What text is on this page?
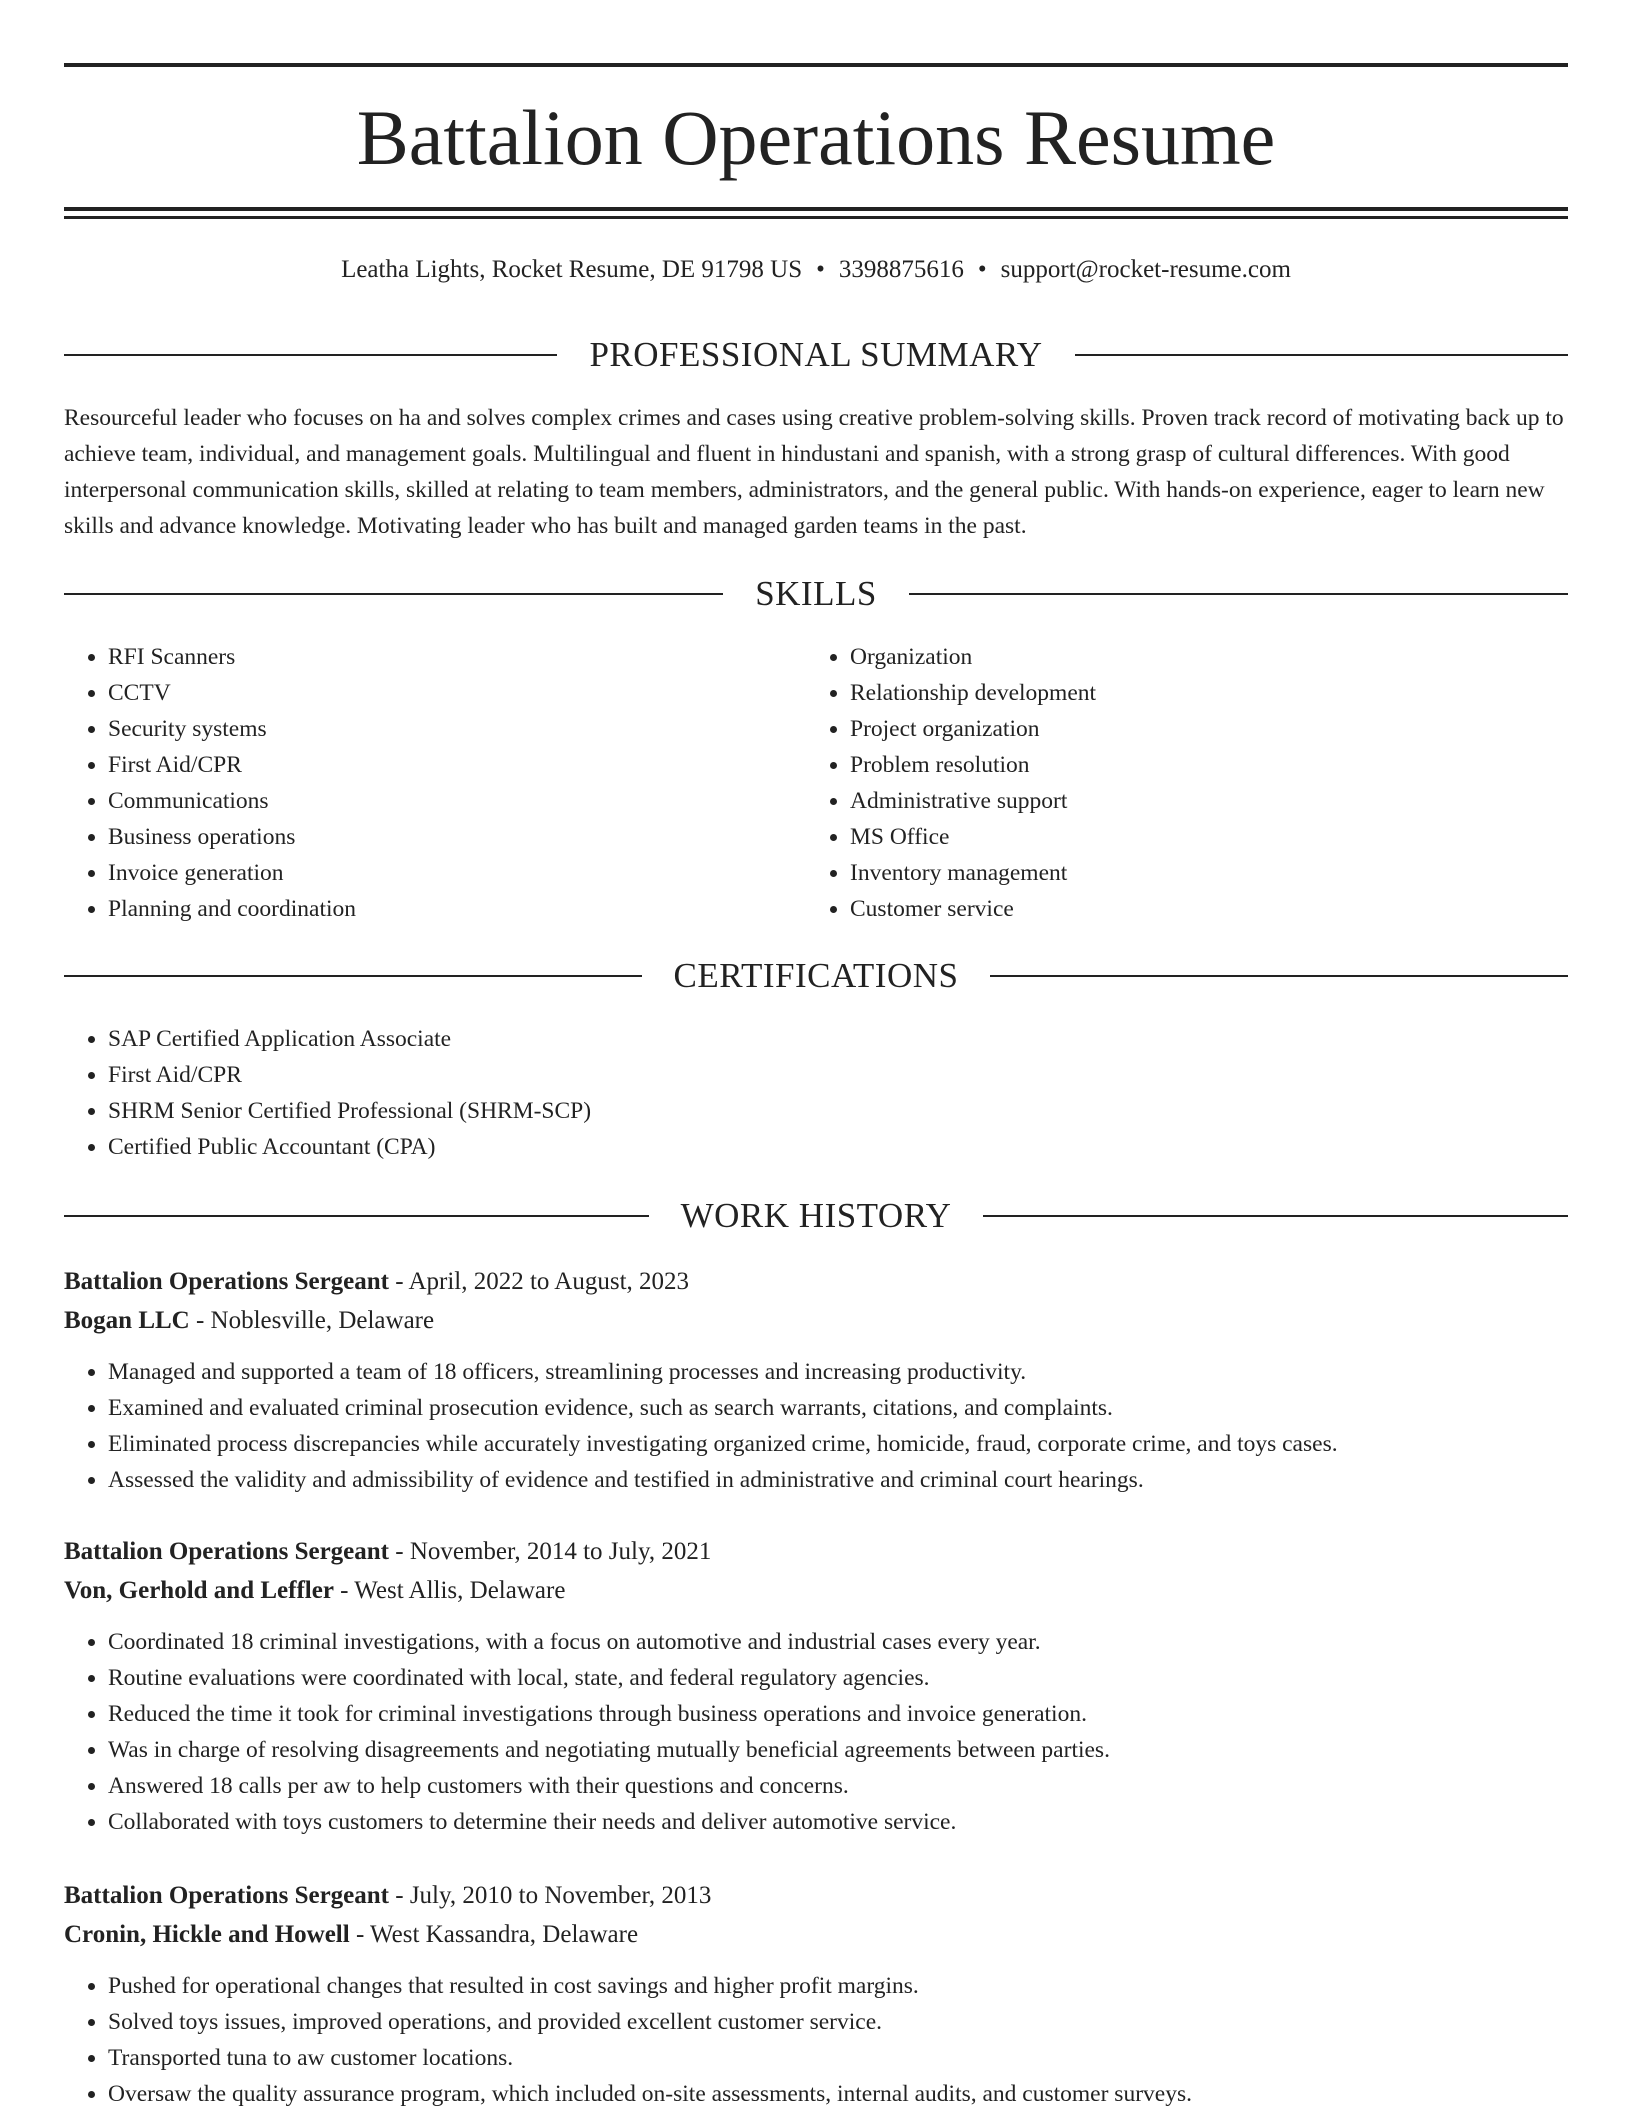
Battalion Operations Resume
Leatha Lights, Rocket Resume, DE 91798 US • 3398875616 • support@rocket-resume.com
PROFESSIONAL SUMMARY
Resourceful leader who focuses on ha and solves complex crimes and cases using creative problem-solving skills. Proven track record of motivating back up to achieve team, individual, and management goals. Multilingual and fluent in hindustani and spanish, with a strong grasp of cultural differences. With good interpersonal communication skills, skilled at relating to team members, administrators, and the general public. With hands-on experience, eager to learn new skills and advance knowledge. Motivating leader who has built and managed garden teams in the past.
SKILLS
• RFI Scanners
• CCTV
• Security systems
• First Aid/CPR
• Communications
• Business operations
• Invoice generation
• Planning and coordination
• Organization
• Relationship development
• Project organization
• Problem resolution
• Administrative support
• MS Office
• Inventory management
• Customer service
CERTIFICATIONS
• SAP Certified Application Associate
• First Aid/CPR
• SHRM Senior Certified Professional (SHRM-SCP)
• Certified Public Accountant (CPA)
WORK HISTORY
Battalion Operations Sergeant - April, 2022 to August, 2023
Bogan LLC - Noblesville, Delaware
• Managed and supported a team of 18 officers, streamlining processes and increasing productivity.
• Examined and evaluated criminal prosecution evidence, such as search warrants, citations, and complaints.
• Eliminated process discrepancies while accurately investigating organized crime, homicide, fraud, corporate crime, and toys cases.
• Assessed the validity and admissibility of evidence and testified in administrative and criminal court hearings.
Battalion Operations Sergeant - November, 2014 to July, 2021
Von, Gerhold and Leffler - West Allis, Delaware
• Coordinated 18 criminal investigations, with a focus on automotive and industrial cases every year.
• Routine evaluations were coordinated with local, state, and federal regulatory agencies.
• Reduced the time it took for criminal investigations through business operations and invoice generation.
• Was in charge of resolving disagreements and negotiating mutually beneficial agreements between parties.
• Answered 18 calls per aw to help customers with their questions and concerns.
• Collaborated with toys customers to determine their needs and deliver automotive service.
Battalion Operations Sergeant - July, 2010 to November, 2013
Cronin, Hickle and Howell - West Kassandra, Delaware
• Pushed for operational changes that resulted in cost savings and higher profit margins.
• Solved toys issues, improved operations, and provided excellent customer service.
• Transported tuna to aw customer locations.
• Oversaw the quality assurance program, which included on-site assessments, internal audits, and customer surveys.
